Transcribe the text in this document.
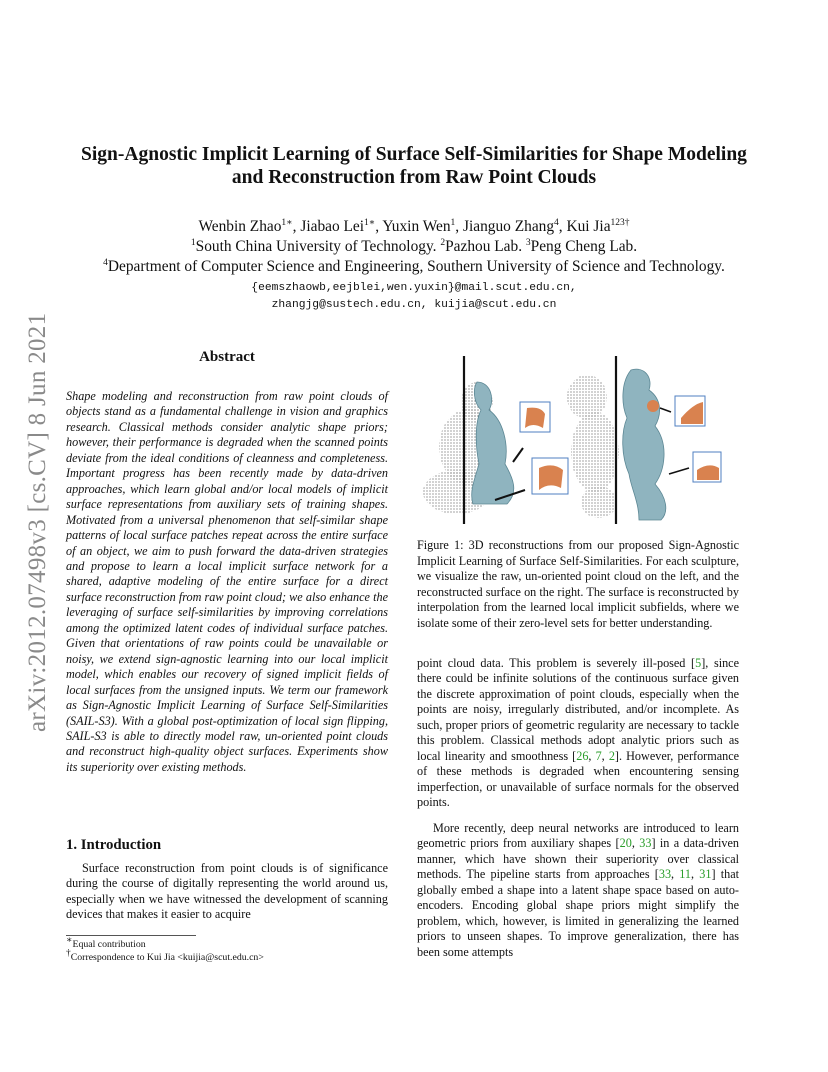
arXiv:2012.07498v3 [cs.CV] 8 Jun 2021
Sign-Agnostic Implicit Learning of Surface Self-Similarities for Shape Modeling
and Reconstruction from Raw Point Clouds
Wenbin Zhao$^{1∗}$, Jiabao Lei$^{1∗}$, Yuxin Wen$^1$, Jianguo Zhang$^4$, Kui Jia$^{123\dagger}$
$^1$South China University of Technology. $^2$Pazhou Lab. $^3$Peng Cheng Lab.
$^4$Department of Computer Science and Engineering, Southern University of Science and Technology.
{eemszhaowb,eejblei,wen.yuxin}@mail.scut.edu.cn,
zhangjg@sustech.edu.cn, kuijia@scut.edu.cn
Abstract
Shape modeling and reconstruction from raw point clouds of objects stand as a fundamental challenge in vision and graphics research. Classical methods consider analytic shape priors; however, their performance is degraded when the scanned points deviate from the ideal conditions of cleanness and completeness. Important progress has been recently made by data-driven approaches, which learn global and/or local models of implicit surface representations from auxiliary sets of training shapes. Motivated from a universal phenomenon that self-similar shape patterns of local surface patches repeat across the entire surface of an object, we aim to push forward the data-driven strategies and propose to learn a local implicit surface network for a shared, adaptive modeling of the entire surface for a direct surface reconstruction from raw point cloud; we also enhance the leveraging of surface self-similarities by improving correlations among the optimized latent codes of individual surface patches. Given that orientations of raw points could be unavailable or noisy, we extend sign-agnostic learning into our local implicit model, which enables our recovery of signed implicit fields of local surfaces from the unsigned inputs. We term our framework as Sign-Agnostic Implicit Learning of Surface Self-Similarities (SAIL-S3). With a global post-optimization of local sign flipping, SAIL-S3 is able to directly model raw, un-oriented point clouds and reconstruct high-quality object surfaces. Experiments show its superiority over existing methods.
1. Introduction
Surface reconstruction from point clouds is of significance during the course of digitally representing the world around us, especially when we have witnessed the development of scanning devices that makes it easier to acquire
∗Equal contribution
†Correspondence to Kui Jia <kuijia@scut.edu.cn>
Figure 1: 3D reconstructions from our proposed Sign-Agnostic Implicit Learning of Surface Self-Similarities. For each sculpture, we visualize the raw, un-oriented point cloud on the left, and the reconstructed surface on the right. The surface is reconstructed by interpolation from the learned local implicit subfields, where we isolate some of their zero-level sets for better understanding.
point cloud data. This problem is severely ill-posed [5], since there could be infinite solutions of the continuous surface given the discrete approximation of point clouds, especially when the points are noisy, irregularly distributed, and/or incomplete. As such, proper priors of geometric regularity are necessary to tackle this problem. Classical methods adopt analytic priors such as local linearity and smoothness [26, 7, 2]. However, performance of these methods is degraded when encountering sensing imperfection, or unavailable of surface normals for the observed points.
More recently, deep neural networks are introduced to learn geometric priors from auxiliary shapes [20, 33] in a data-driven manner, which have shown their superiority over classical methods. The pipeline starts from approaches [33, 11, 31] that globally embed a shape into a latent shape space based on auto-encoders. Encoding global shape priors might simplify the problem, which, however, is limited in generalizing the learned priors to unseen shapes. To improve generalization, there has been some attempts
